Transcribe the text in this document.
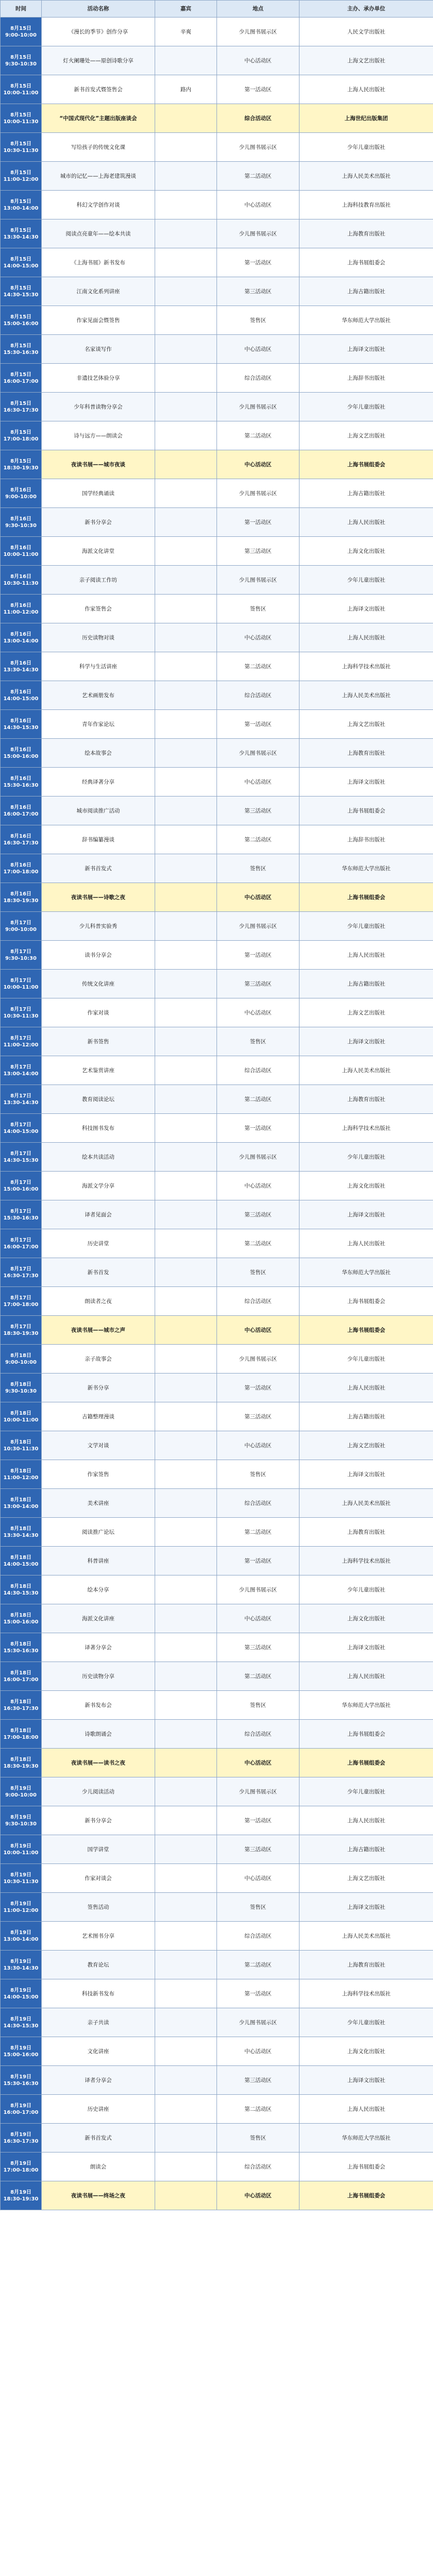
时间	活动名称	嘉宾	地点	主办、承办单位
8月15日
9:00-10:00	《漫长的季节》创作分享	辛爽	少儿图书展示区	人民文学出版社
8月15日
9:30-10:30	灯火阑珊处——原创诗歌分享		中心活动区	上海文艺出版社
8月15日
10:00-11:00	新书首发式暨签售会	路内	第一活动区	上海人民出版社
8月15日
10:00-11:30	“中国式现代化”主题出版座谈会		综合活动区	上海世纪出版集团
8月15日
10:30-11:30	写给孩子的传统文化课		少儿图书展示区	少年儿童出版社
8月15日
11:00-12:00	城市的记忆——上海老建筑漫谈		第二活动区	上海人民美术出版社
8月15日
13:00-14:00	科幻文学创作对谈		中心活动区	上海科技教育出版社
8月15日
13:30-14:30	阅读点亮童年——绘本共读		少儿图书展示区	上海教育出版社
8月15日
14:00-15:00	《上海书展》新书发布		第一活动区	上海书展组委会
8月15日
14:30-15:30	江南文化系列讲座		第三活动区	上海古籍出版社
8月15日
15:00-16:00	作家见面会暨签售		签售区	华东师范大学出版社
8月15日
15:30-16:30	名家谈写作		中心活动区	上海译文出版社
8月15日
16:00-17:00	非遗技艺体验分享		综合活动区	上海辞书出版社
8月15日
16:30-17:30	少年科普读物分享会		少儿图书展示区	少年儿童出版社
8月15日
17:00-18:00	诗与远方——朗读会		第二活动区	上海文艺出版社
8月15日
18:30-19:30	夜读书展——城市夜谈		中心活动区	上海书展组委会
8月16日
9:00-10:00	国学经典诵读		少儿图书展示区	上海古籍出版社
8月16日
9:30-10:30	新书分享会		第一活动区	上海人民出版社
8月16日
10:00-11:00	海派文化讲堂		第三活动区	上海文化出版社
8月16日
10:30-11:30	亲子阅读工作坊		少儿图书展示区	少年儿童出版社
8月16日
11:00-12:00	作家签售会		签售区	上海译文出版社
8月16日
13:00-14:00	历史读物对谈		中心活动区	上海人民出版社
8月16日
13:30-14:30	科学与生活讲座		第二活动区	上海科学技术出版社
8月16日
14:00-15:00	艺术画册发布		综合活动区	上海人民美术出版社
8月16日
14:30-15:30	青年作家论坛		第一活动区	上海文艺出版社
8月16日
15:00-16:00	绘本故事会		少儿图书展示区	上海教育出版社
8月16日
15:30-16:30	经典译著分享		中心活动区	上海译文出版社
8月16日
16:00-17:00	城市阅读推广活动		第三活动区	上海书展组委会
8月16日
16:30-17:30	辞书编纂漫谈		第二活动区	上海辞书出版社
8月16日
17:00-18:00	新书首发式		签售区	华东师范大学出版社
8月16日
18:30-19:30	夜读书展——诗歌之夜		中心活动区	上海书展组委会
8月17日
9:00-10:00	少儿科普实验秀		少儿图书展示区	少年儿童出版社
8月17日
9:30-10:30	读书分享会		第一活动区	上海人民出版社
8月17日
10:00-11:00	传统文化讲座		第三活动区	上海古籍出版社
8月17日
10:30-11:30	作家对谈		中心活动区	上海文艺出版社
8月17日
11:00-12:00	新书签售		签售区	上海译文出版社
8月17日
13:00-14:00	艺术鉴赏讲座		综合活动区	上海人民美术出版社
8月17日
13:30-14:30	教育阅读论坛		第二活动区	上海教育出版社
8月17日
14:00-15:00	科技图书发布		第一活动区	上海科学技术出版社
8月17日
14:30-15:30	绘本共读活动		少儿图书展示区	少年儿童出版社
8月17日
15:00-16:00	海派文学分享		中心活动区	上海文化出版社
8月17日
15:30-16:30	译者见面会		第三活动区	上海译文出版社
8月17日
16:00-17:00	历史讲堂		第二活动区	上海人民出版社
8月17日
16:30-17:30	新书首发		签售区	华东师范大学出版社
8月17日
17:00-18:00	朗读者之夜		综合活动区	上海书展组委会
8月17日
18:30-19:30	夜读书展——城市之声		中心活动区	上海书展组委会
8月18日
9:00-10:00	亲子故事会		少儿图书展示区	少年儿童出版社
8月18日
9:30-10:30	新书分享		第一活动区	上海人民出版社
8月18日
10:00-11:00	古籍整理漫谈		第三活动区	上海古籍出版社
8月18日
10:30-11:30	文学对谈		中心活动区	上海文艺出版社
8月18日
11:00-12:00	作家签售		签售区	上海译文出版社
8月18日
13:00-14:00	美术讲座		综合活动区	上海人民美术出版社
8月18日
13:30-14:30	阅读推广论坛		第二活动区	上海教育出版社
8月18日
14:00-15:00	科普讲座		第一活动区	上海科学技术出版社
8月18日
14:30-15:30	绘本分享		少儿图书展示区	少年儿童出版社
8月18日
15:00-16:00	海派文化讲座		中心活动区	上海文化出版社
8月18日
15:30-16:30	译著分享会		第三活动区	上海译文出版社
8月18日
16:00-17:00	历史读物分享		第二活动区	上海人民出版社
8月18日
16:30-17:30	新书发布会		签售区	华东师范大学出版社
8月18日
17:00-18:00	诗歌朗诵会		综合活动区	上海书展组委会
8月18日
18:30-19:30	夜读书展——读书之夜		中心活动区	上海书展组委会
8月19日
9:00-10:00	少儿阅读活动		少儿图书展示区	少年儿童出版社
8月19日
9:30-10:30	新书分享会		第一活动区	上海人民出版社
8月19日
10:00-11:00	国学讲堂		第三活动区	上海古籍出版社
8月19日
10:30-11:30	作家对谈会		中心活动区	上海文艺出版社
8月19日
11:00-12:00	签售活动		签售区	上海译文出版社
8月19日
13:00-14:00	艺术图书分享		综合活动区	上海人民美术出版社
8月19日
13:30-14:30	教育论坛		第二活动区	上海教育出版社
8月19日
14:00-15:00	科技新书发布		第一活动区	上海科学技术出版社
8月19日
14:30-15:30	亲子共读		少儿图书展示区	少年儿童出版社
8月19日
15:00-16:00	文化讲座		中心活动区	上海文化出版社
8月19日
15:30-16:30	译者分享会		第三活动区	上海译文出版社
8月19日
16:00-17:00	历史讲座		第二活动区	上海人民出版社
8月19日
16:30-17:30	新书首发式		签售区	华东师范大学出版社
8月19日
17:00-18:00	朗读会		综合活动区	上海书展组委会
8月19日
18:30-19:30	夜读书展——终场之夜		中心活动区	上海书展组委会
